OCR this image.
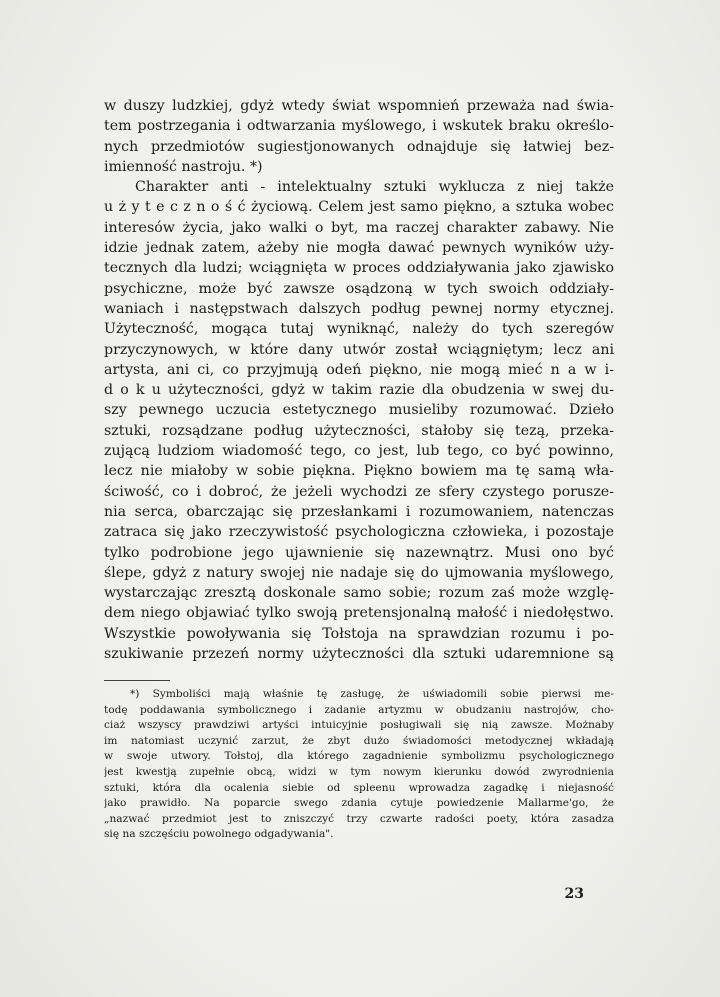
w duszy ludzkiej, gdyż wtedy świat wspomnień przeważa nad świa-
tem postrzegania i odtwarzania myślowego, i wskutek braku określo-
nych przedmiotów sugiestjonowanych odnajduje się łatwiej bez-
imienność nastroju. *)
Charakter anti - intelektualny sztuki wyklucza z niej także
u ż y t e c z n o ś ć życiową. Celem jest samo piękno, a sztuka wobec
interesów życia, jako walki o byt, ma raczej charakter zabawy. Nie
idzie jednak zatem, ażeby nie mogła dawać pewnych wyników uży-
tecznych dla ludzi; wciągnięta w proces oddziaływania jako zjawisko
psychiczne, może być zawsze osądzoną w tych swoich oddziały-
waniach i następstwach dalszych podług pewnej normy etycznej.
Użyteczność, mogąca tutaj wyniknąć, należy do tych szeregów
przyczynowych, w które dany utwór został wciągniętym; lecz ani
artysta, ani ci, co przyjmują odeń piękno, nie mogą mieć n a w i-
d o k u użyteczności, gdyż w takim razie dla obudzenia w swej du-
szy pewnego uczucia estetycznego musieliby rozumować. Dzieło
sztuki, rozsądzane podług użyteczności, stałoby się tezą, przeka-
zującą ludziom wiadomość tego, co jest, lub tego, co być powinno,
lecz nie miałoby w sobie piękna. Piękno bowiem ma tę samą wła-
ściwość, co i dobroć, że jeżeli wychodzi ze sfery czystego poruszе-
nia serca, obarczając się przesłankami i rozumowaniem, natenczas
zatraca się jako rzeczywistość psychologiczna człowieka, i pozostaje
tylko podrobione jego ujawnienie się nazewnątrz. Musi ono być
ślepe, gdyż z natury swojej nie nadaje się do ujmowania myślowego,
wystarczając zresztą doskonale samo sobie; rozum zaś może wzglę-
dem niego objawiać tylko swoją pretensjonalną małość i niedołęstwo.
Wszystkie powoływania się Tołstoja na sprawdzian rozumu i po-
szukiwanie przezeń normy użyteczności dla sztuki udaremnione są
*) Symboliści mają właśnie tę zasługę, że uświadomili sobie pierwsi me-
todę poddawania symbolicznego i zadanie artyzmu w obudzaniu nastrojów, cho-
ciaż wszyscy prawdziwi artyści intuicyjnie posługiwali się nią zawsze. Możnaby
im natomiast uczynić zarzut, że zbyt dużo świadomości metodycznej wkładają
w swoje utwory. Tołstoj, dla którego zagadnienie symbolizmu psychologicznego
jest kwestją zupełnie obcą, widzi w tym nowym kierunku dowód zwyrodnienia
sztuki, która dla ocalenia siebie od spleenu wprowadza zagadkę i niejasność
jako prawidło. Na poparcie swego zdania cytuje powiedzenie Mallarme'go, że
„nazwać przedmiot jest to zniszczyć trzy czwarte radości poety, która zasadza
się na szczęściu powolnego odgadywania".
23
